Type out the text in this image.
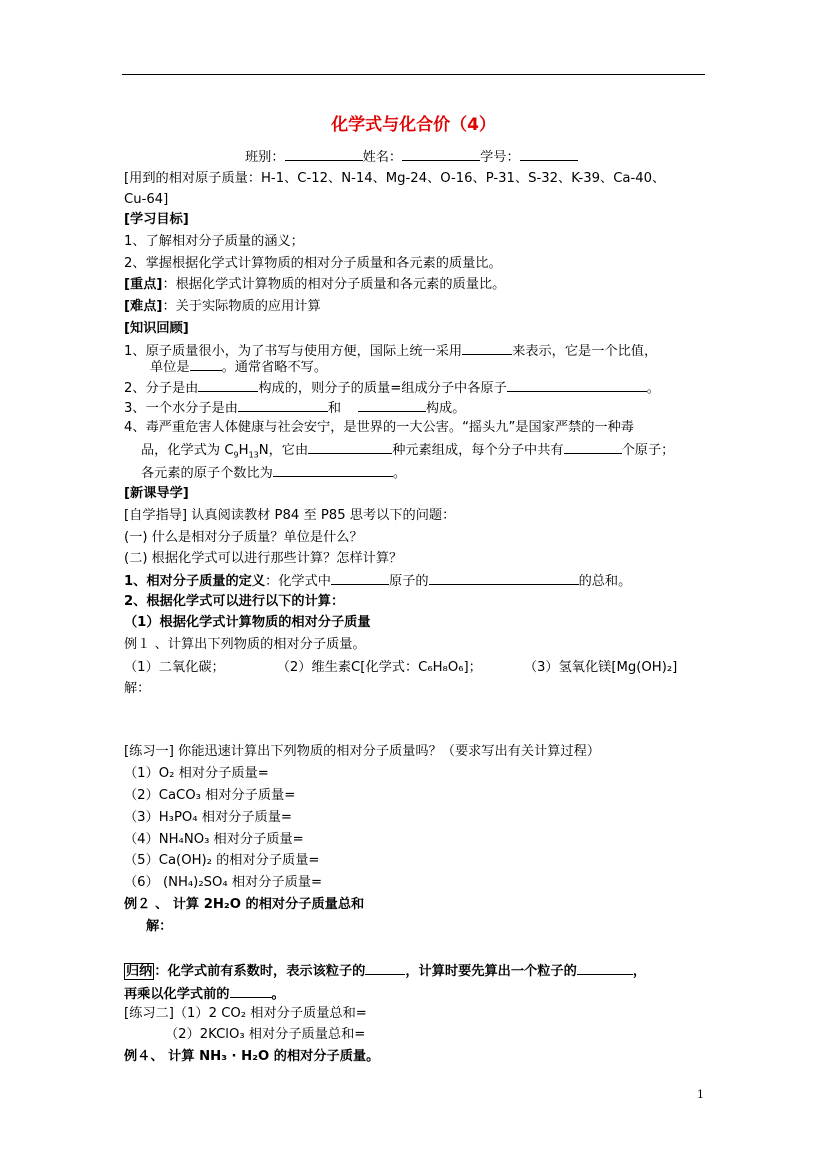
化学式与化合价（4）
班别：	姓名：	学号：
[用到的相对原子质量：H-1、C-12、N-14、Mg-24、O-16、P-31、S-32、K-39、Ca-40、
Cu-64]
[学习目标]
1、了解相对分子质量的涵义；
2、掌握根据化学式计算物质的相对分子质量和各元素的质量比。
[重点]：根据化学式计算物质的相对分子质量和各元素的质量比。
[难点]：关于实际物质的应用计算
[知识回顾]
1、原子质量很小，为了书写与使用方便，国际上统一采用	来表示，它是一个比值，
单位是 。通常省略不写。
2、分子是由	构成的，则分子的质量=组成分子中各原子	。
3、一个水分子是由	和	构成。
4、毒严重危害人体健康与社会安宁，是世界的一大公害。“摇头九”是国家严禁的一种毒
品，化学式为 $C_9H_{13}N$，它由	种元素组成，每个分子中共有	个原子；
各元素的原子个数比为	。
[新课导学]
[自学指导] 认真阅读教材 P84 至 P85 思考以下的问题：
(一) 什么是相对分子质量？单位是什么？
(二) 根据化学式可以进行那些计算？怎样计算？
1、相对分子质量的定义：化学式中	原子的	的总和。
2、根据化学式可以进行以下的计算：
（1）根据化学式计算物质的相对分子质量
例１ 、计算出下列物质的相对分子质量。
（1）二氧化碳；	（2）维生素C[化学式：C₆H₈O₆]；	（3）氢氧化镁[Mg(OH)₂]
解：
[练习一] 你能迅速计算出下列物质的相对分子质量吗？（要求写出有关计算过程）
（1）O₂ 相对分子质量=
（2）CaCO₃ 相对分子质量=
（3）H₃PO₄ 相对分子质量=
（4）NH₄NO₃ 相对分子质量=
（5）Ca(OH)₂ 的相对分子质量=
（6） (NH₄)₂SO₄ 相对分子质量=
例２ 、 计算 2H₂O 的相对分子质量总和
解：
归纳 ：化学式前有系数时，表示该粒子的	，计算时要先算出一个粒子的	，
再乘以化学式前的	。
[练习二]（1）2 CO₂ 相对分子质量总和=
（2）2KClO₃ 相对分子质量总和=
例４、 计算 NH₃ · H₂O 的相对分子质量。
1
